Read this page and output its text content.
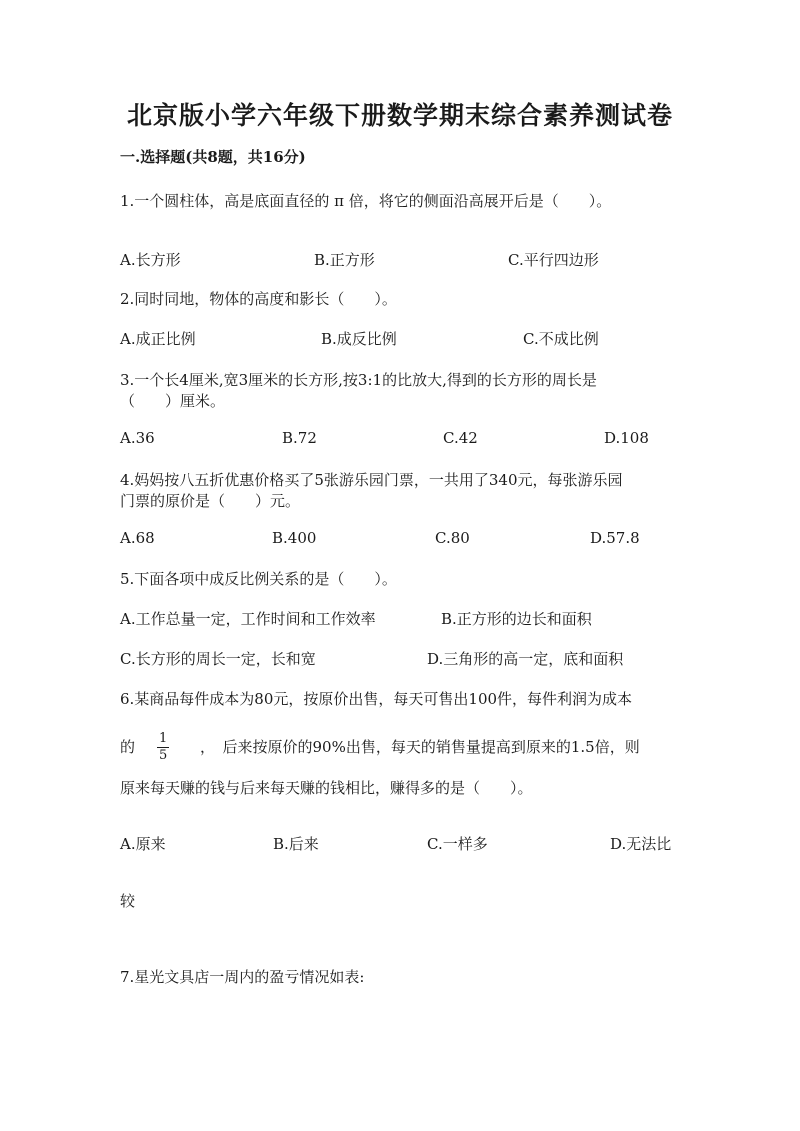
北京版小学六年级下册数学期末综合素养测试卷
一.选择题(共8题，共16分)
1.一个圆柱体，高是底面直径的 π 倍，将它的侧面沿高展开后是（　　）。
A.长方形	B.正方形	C.平行四边形
2.同时同地，物体的高度和影长（　　）。
A.成正比例	B.成反比例	C.不成比例
3.一个长4厘米,宽3厘米的长方形,按3:1的比放大,得到的长方形的周长是
（　　）厘米。
A.36	B.72	C.42	D.108
4.妈妈按八五折优惠价格买了5张游乐园门票，一共用了340元，每张游乐园
门票的原价是（　　）元。
A.68	B.400	C.80	D.57.8
5.下面各项中成反比例关系的是（　　）。
A.工作总量一定，工作时间和工作效率	B.正方形的边长和面积
C.长方形的周长一定，长和宽	D.三角形的高一定，底和面积
6.某商品每件成本为80元，按原价出售，每天可售出100件，每件利润为成本
的 $\frac{1}{5}$ ，　后来按原价的90%出售，每天的销售量提高到原来的1.5倍，则
原来每天赚的钱与后来每天赚的钱相比，赚得多的是（　　）。
A.原来	B.后来	C.一样多	D.无法比
较
7.星光文具店一周内的盈亏情况如表:
